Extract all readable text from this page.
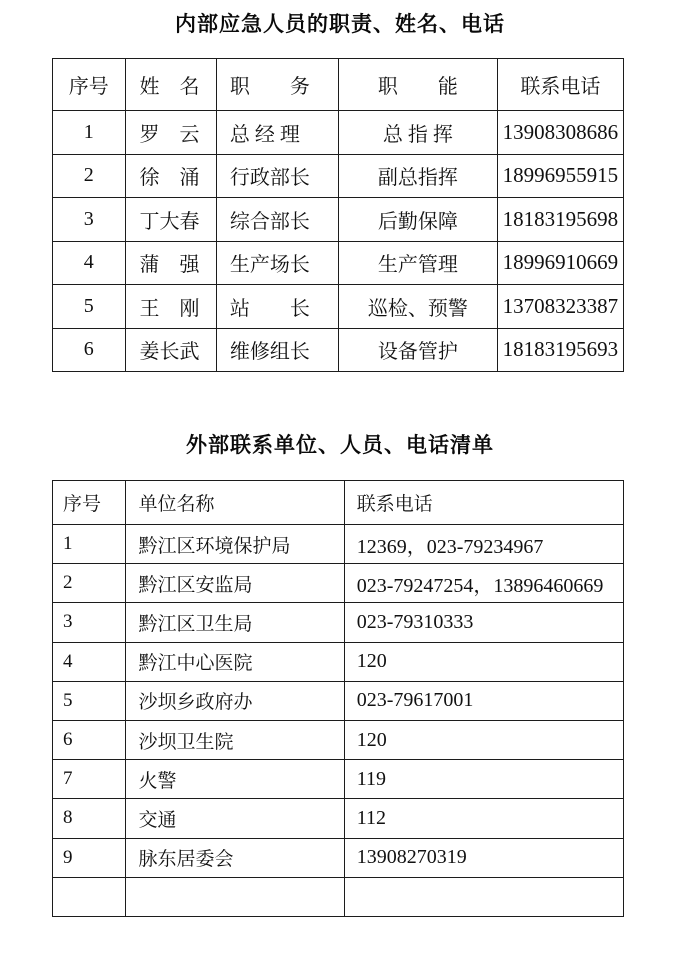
内部应急人员的职责、姓名、电话
序号	姓　名	职　　务	职　　能	联系电话
1	罗　云	总 经 理	总 指 挥	13908308686
2	徐　涌	行政部长	副总指挥	18996955915
3	丁大春	综合部长	后勤保障	18183195698
4	蒲　强	生产场长	生产管理	18996910669
5	王　刚	站　　长	巡检、预警	13708323387
6	姜长武	维修组长	设备管护	18183195693
外部联系单位、人员、电话清单
序号	单位名称	联系电话
1	黔江区环境保护局	12369，023-79234967
2	黔江区安监局	023-79247254，13896460669
3	黔江区卫生局	023-79310333
4	黔江中心医院	120
5	沙坝乡政府办	023-79617001
6	沙坝卫生院	120
7	火警	119
8	交通	112
9	脉东居委会	13908270319
